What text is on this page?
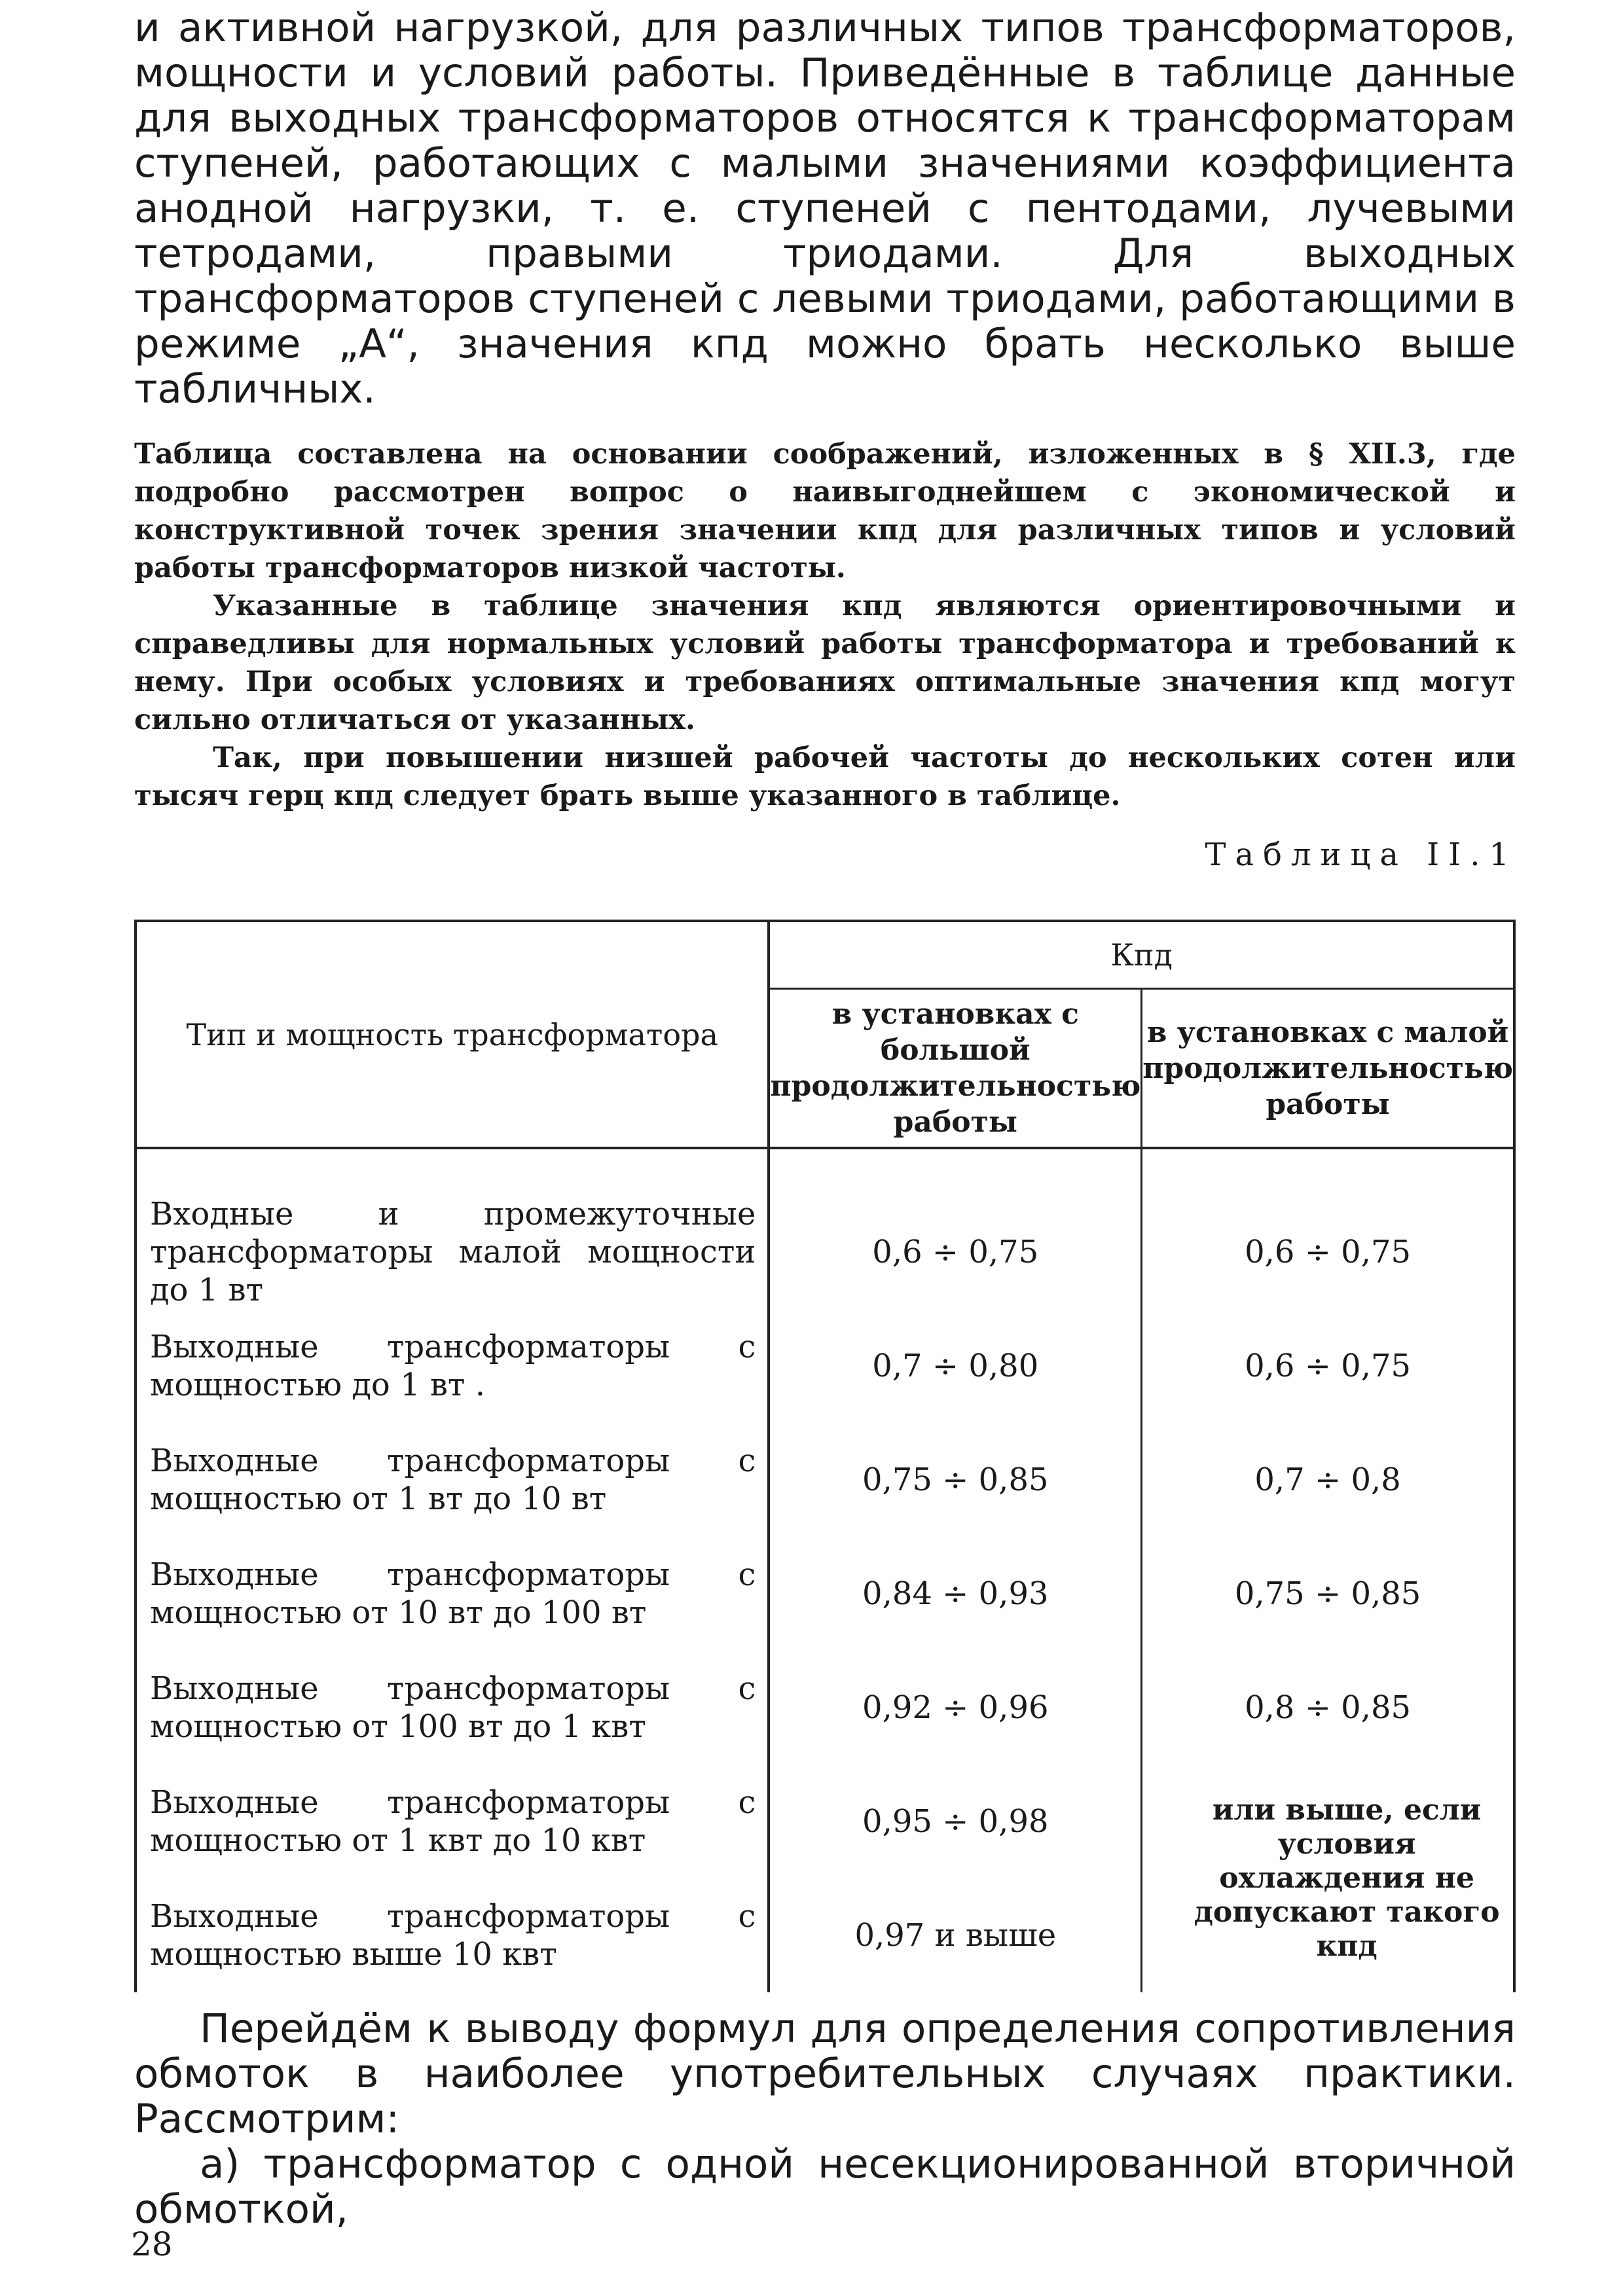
и активной нагрузкой, для различных типов трансформаторов, мощности и условий работы. Приведённые в таблице данные для выходных трансформаторов относятся к трансформаторам ступеней, работающих с малыми значениями коэффициента анодной нагрузки, т. е. ступеней с пентодами, лучевыми тетродами, правыми триодами. Для выходных трансформаторов ступеней с левыми триодами, работающими в режиме „А“, значения кпд можно брать несколько выше табличных.

Таблица составлена на основании соображений, изложенных в § XII.3, где подробно рассмотрен вопрос о наивыгоднейшем с экономической и конструктивной точек зрения значении кпд для различных типов и условий работы трансформаторов низкой частоты.

Указанные в таблице значения кпд являются ориентировочными и справедливы для нормальных условий работы трансформатора и требований к нему. При особых условиях и требованиях оптимальные значения кпд могут сильно отличаться от указанных.

Так, при повышении низшей рабочей частоты до нескольких сотен или тысяч герц кпд следует брать выше указанного в таблице.

Таблица II.1
Тип и мощность трансформатора	Кпд	
	в установках с большой продолжительностью работы	в установках с малой продолжительностью работы

Входные и промежуточные трансформаторы малой мощности до 1 вт	0,6 ÷ 0,75	0,6 ÷ 0,75
Выходные трансформаторы с мощностью до 1 вт .	0,7 ÷ 0,80	0,6 ÷ 0,75
Выходные трансформаторы с мощностью от 1 вт до 10 вт	0,75 ÷ 0,85	0,7 ÷ 0,8
Выходные трансформаторы с мощностью от 10 вт до 100 вт	0,84 ÷ 0,93	0,75 ÷ 0,85
Выходные трансформаторы с мощностью от 100 вт до 1 квт	0,92 ÷ 0,96	0,8 ÷ 0,85
Выходные трансформаторы с мощностью от 1 квт до 10 квт	0,95 ÷ 0,98	или выше, если условия охлаждения не допускают такого кпд

Выходные трансформаторы с мощностью выше 10 квт	0,97 и выше	

Перейдём к выводу формул для определения сопротивления обмоток в наиболее употребительных случаях практики. Рассмотрим:

а) трансформатор с одной несекционированной вторичной обмоткой,

28
